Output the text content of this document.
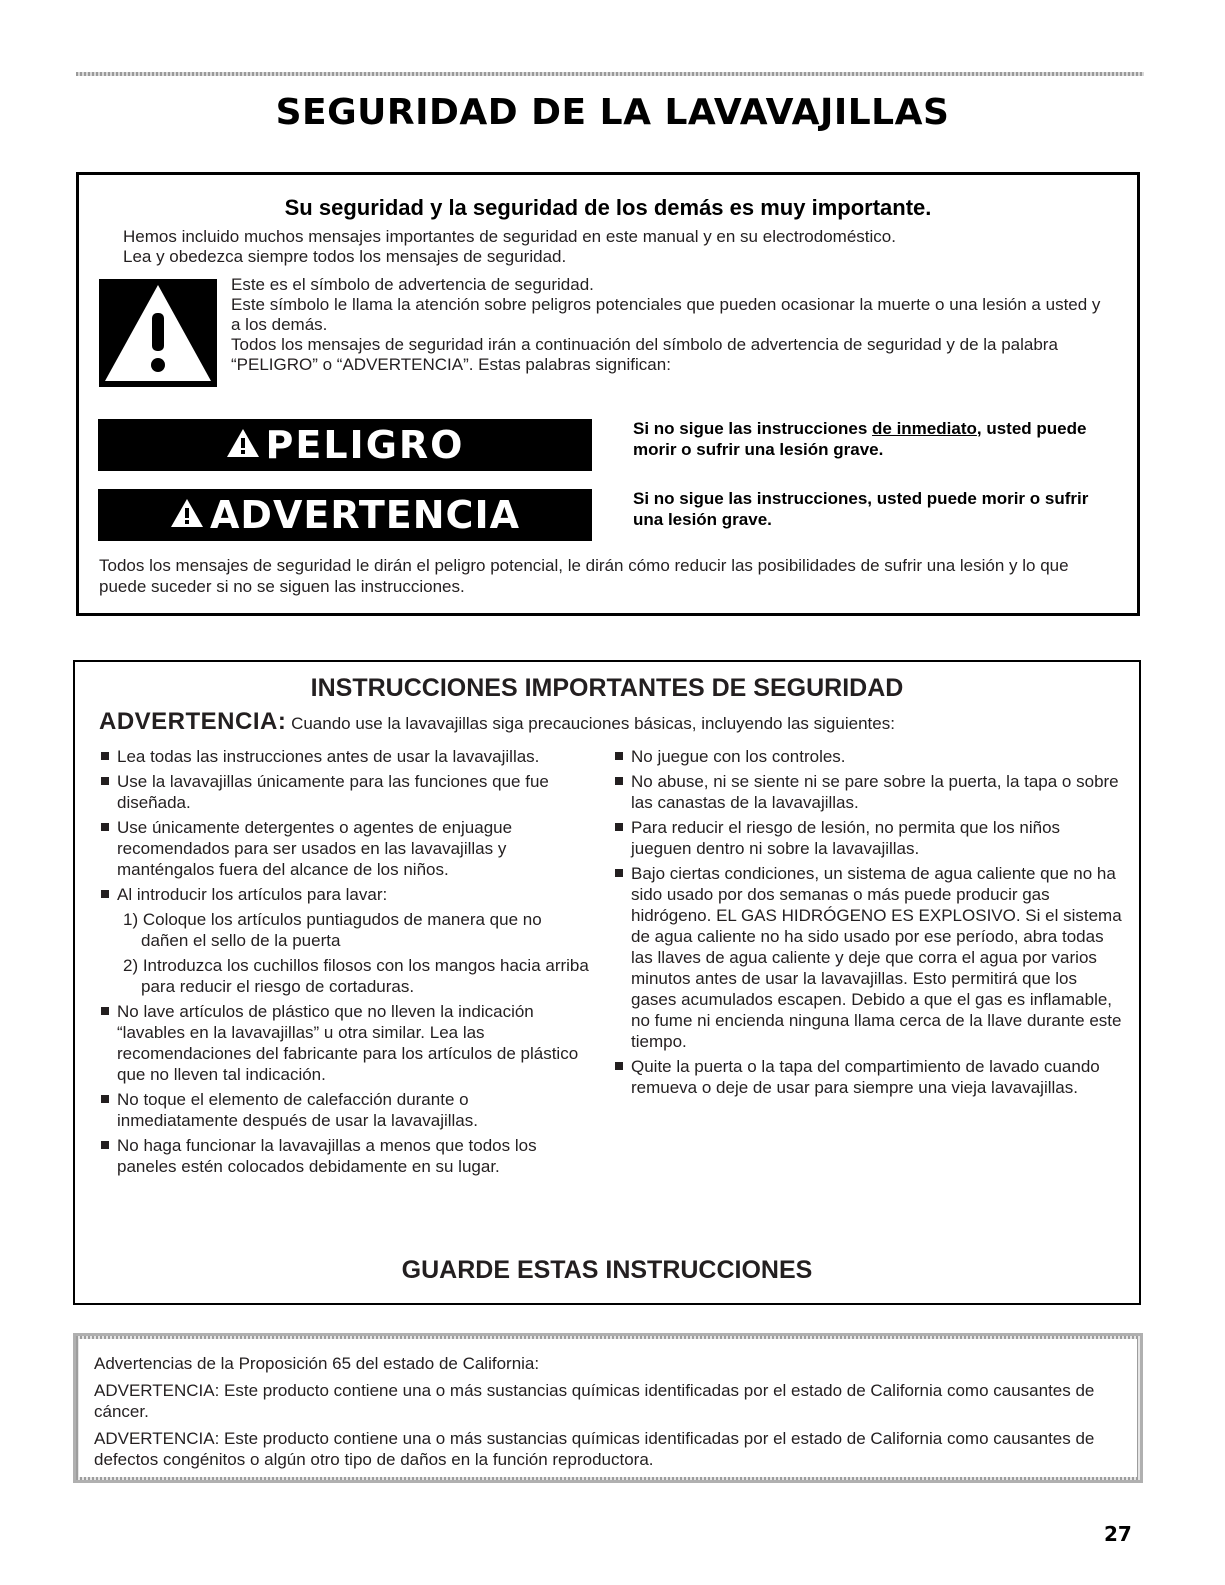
SEGURIDAD DE LA LAVAVAJILLAS
Su seguridad y la seguridad de los demás es muy importante.
Hemos incluido muchos mensajes importantes de seguridad en este manual y en su electrodoméstico.
Lea y obedezca siempre todos los mensajes de seguridad.
Este es el símbolo de advertencia de seguridad.
Este símbolo le llama la atención sobre peligros potenciales que pueden ocasionar la muerte o una lesión a usted y a los demás.
Todos los mensajes de seguridad irán a continuación del símbolo de advertencia de seguridad y de la palabra “PELIGRO” o “ADVERTENCIA”. Estas palabras significan:
PELIGRO	Si no sigue las instrucciones de inmediato, usted puede morir o sufrir una lesión grave.
ADVERTENCIA	Si no sigue las instrucciones, usted puede morir o sufrir una lesión grave.
Todos los mensajes de seguridad le dirán el peligro potencial, le dirán cómo reducir las posibilidades de sufrir una lesión y lo que puede suceder si no se siguen las instrucciones.
INSTRUCCIONES IMPORTANTES DE SEGURIDAD
ADVERTENCIA: Cuando use la lavavajillas siga precauciones básicas, incluyendo las siguientes:
Lea todas las instrucciones antes de usar la lavavajillas.
Use la lavavajillas únicamente para las funciones que fue diseñada.
Use únicamente detergentes o agentes de enjuague recomendados para ser usados en las lavavajillas y manténgalos fuera del alcance de los niños.
Al introducir los artículos para lavar:
1) Coloque los artículos puntiagudos de manera que no dañen el sello de la puerta
2) Introduzca los cuchillos filosos con los mangos hacia arriba para reducir el riesgo de cortaduras.
No lave artículos de plástico que no lleven la indicación “lavables en la lavavajillas” u otra similar. Lea las recomendaciones del fabricante para los artículos de plástico que no lleven tal indicación.
No toque el elemento de calefacción durante o inmediatamente después de usar la lavavajillas.
No haga funcionar la lavavajillas a menos que todos los paneles estén colocados debidamente en su lugar.
No juegue con los controles.
No abuse, ni se siente ni se pare sobre la puerta, la tapa o sobre las canastas de la lavavajillas.
Para reducir el riesgo de lesión, no permita que los niños jueguen dentro ni sobre la lavavajillas.
Bajo ciertas condiciones, un sistema de agua caliente que no ha sido usado por dos semanas o más puede producir gas hidrógeno. EL GAS HIDRÓGENO ES EXPLOSIVO. Si el sistema de agua caliente no ha sido usado por ese período, abra todas las llaves de agua caliente y deje que corra el agua por varios minutos antes de usar la lavavajillas. Esto permitirá que los gases acumulados escapen. Debido a que el gas es inflamable, no fume ni encienda ninguna llama cerca de la llave durante este tiempo.
Quite la puerta o la tapa del compartimiento de lavado cuando remueva o deje de usar para siempre una vieja lavavajillas.
GUARDE ESTAS INSTRUCCIONES

Advertencias de la Proposición 65 del estado de California:

ADVERTENCIA: Este producto contiene una o más sustancias químicas identificadas por el estado de California como causantes de cáncer.

ADVERTENCIA: Este producto contiene una o más sustancias químicas identificadas por el estado de California como causantes de defectos congénitos o algún otro tipo de daños en la función reproductora.

27
